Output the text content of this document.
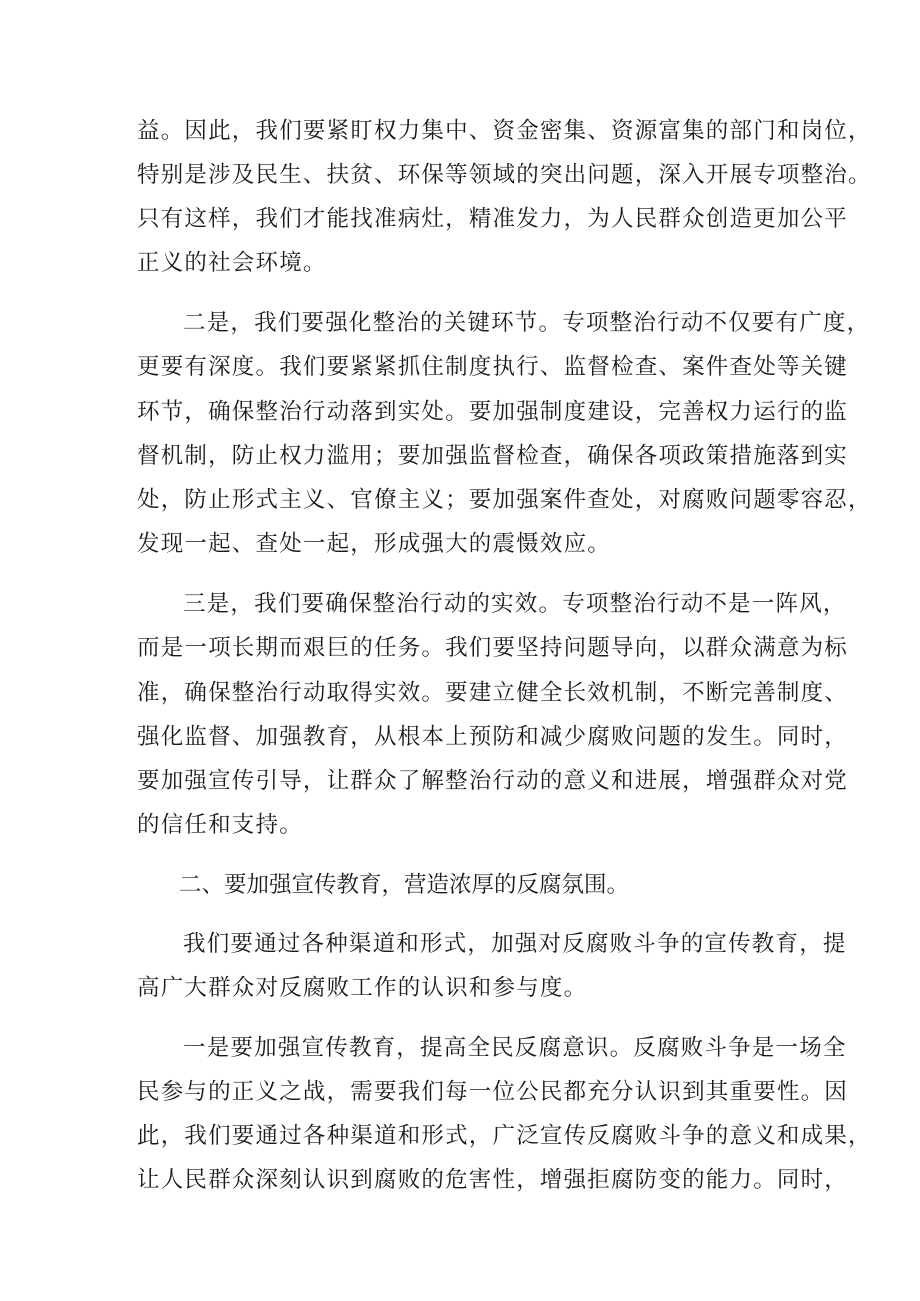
益。因此，我们要紧盯权力集中、资金密集、资源富集的部门和岗位，

特别是涉及民生、扶贫、环保等领域的突出问题，深入开展专项整治。

只有这样，我们才能找准病灶，精准发力，为人民群众创造更加公平

正义的社会环境。

二是，我们要强化整治的关键环节。专项整治行动不仅要有广度，

更要有深度。我们要紧紧抓住制度执行、监督检查、案件查处等关键

环节，确保整治行动落到实处。要加强制度建设，完善权力运行的监

督机制，防止权力滥用；要加强监督检查，确保各项政策措施落到实

处，防止形式主义、官僚主义；要加强案件查处，对腐败问题零容忍，

发现一起、查处一起，形成强大的震慑效应。

三是，我们要确保整治行动的实效。专项整治行动不是一阵风，

而是一项长期而艰巨的任务。我们要坚持问题导向，以群众满意为标

准，确保整治行动取得实效。要建立健全长效机制，不断完善制度、

强化监督、加强教育，从根本上预防和减少腐败问题的发生。同时，

要加强宣传引导，让群众了解整治行动的意义和进展，增强群众对党

的信任和支持。

二、要加强宣传教育，营造浓厚的反腐氛围。

我们要通过各种渠道和形式，加强对反腐败斗争的宣传教育，提

高广大群众对反腐败工作的认识和参与度。

一是要加强宣传教育，提高全民反腐意识。反腐败斗争是一场全

民参与的正义之战，需要我们每一位公民都充分认识到其重要性。因

此，我们要通过各种渠道和形式，广泛宣传反腐败斗争的意义和成果，

让人民群众深刻认识到腐败的危害性，增强拒腐防变的能力。同时，
